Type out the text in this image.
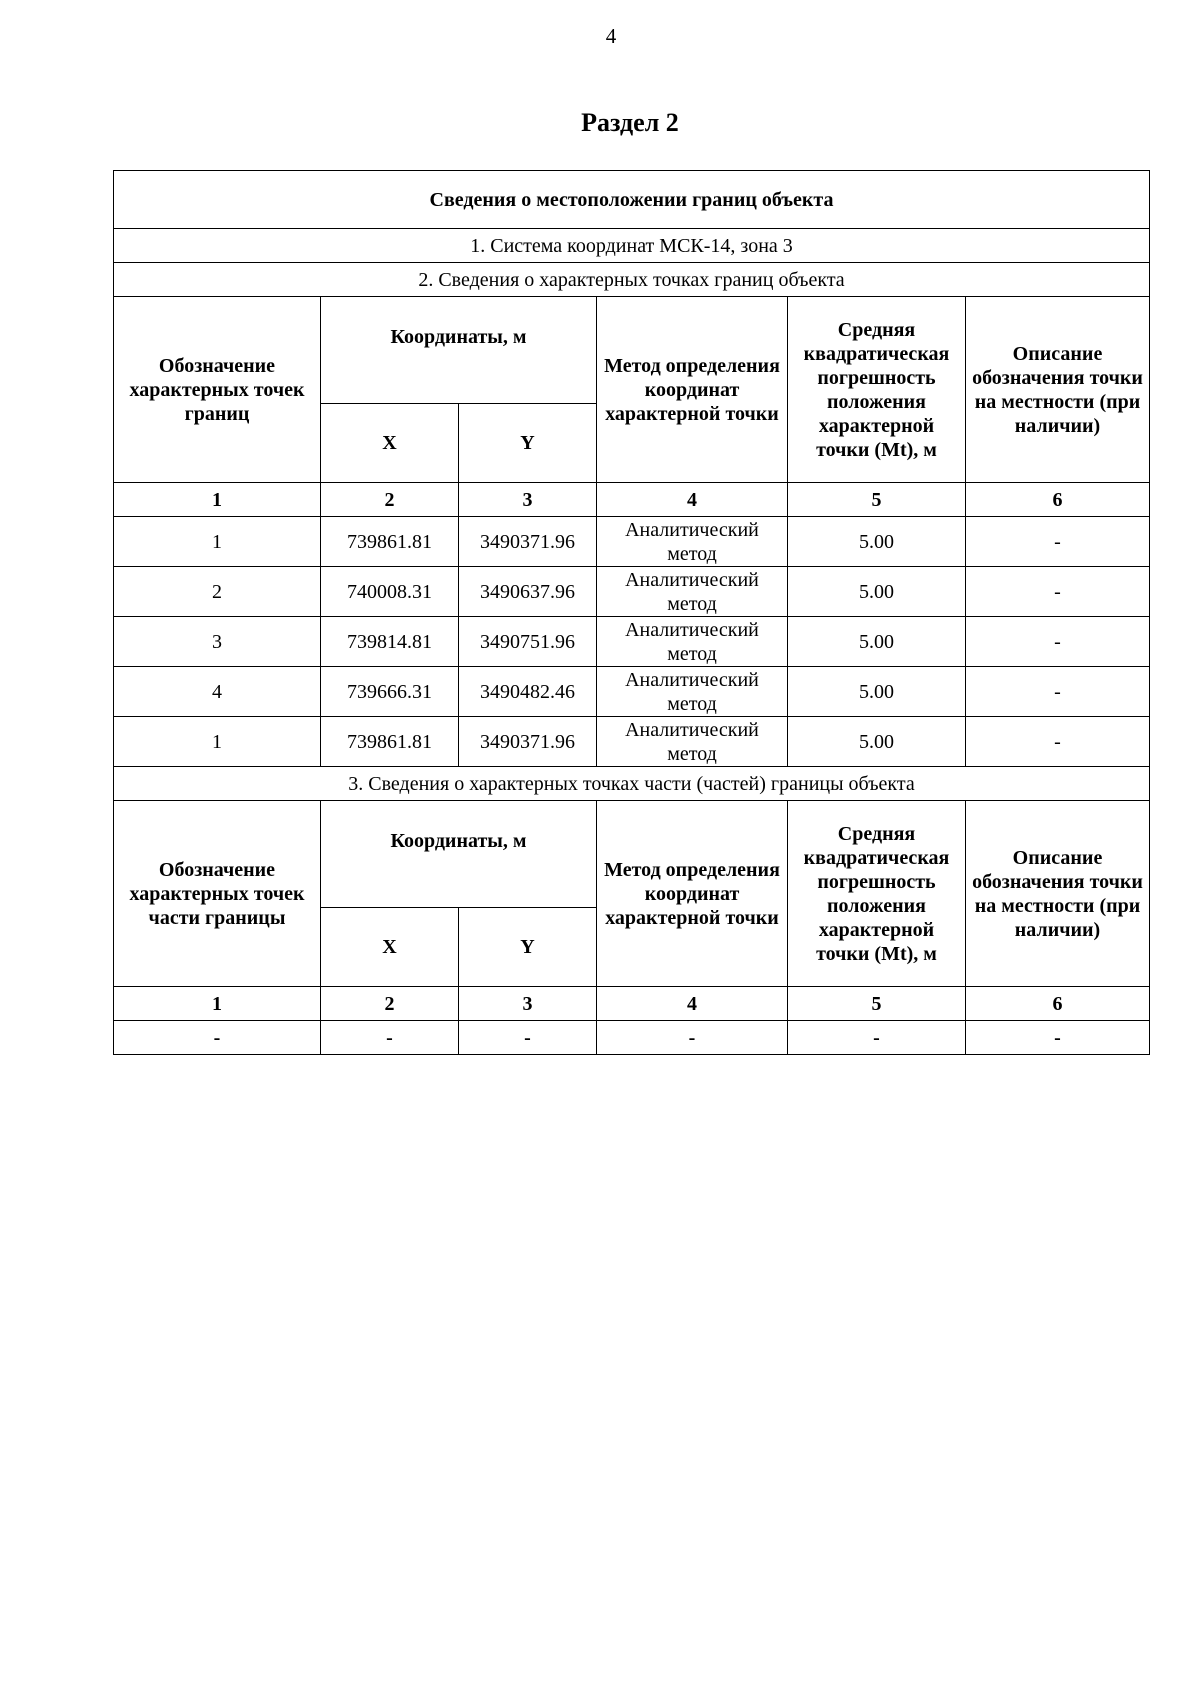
4
Раздел 2
Сведения о местоположении границ объекта					
1. Система координат МСК-14, зона 3					
2. Сведения о характерных точках границ объекта					
Обозначение характерных точек границ	Координаты, м		Метод определения координат характерной точки	Средняя квадратическая погрешность положения характерной точки (Mt), м	Описание обозначения точки на местности (при наличии)
	X	Y			
1	2	3	4	5	6
1	739861.81	3490371.96	Аналитический метод	5.00	-
2	740008.31	3490637.96	Аналитический метод	5.00	-
3	739814.81	3490751.96	Аналитический метод	5.00	-
4	739666.31	3490482.46	Аналитический метод	5.00	-
1	739861.81	3490371.96	Аналитический метод	5.00	-
3. Сведения о характерных точках части (частей) границы объекта					
Обозначение характерных точек части границы	Координаты, м		Метод определения координат характерной точки	Средняя квадратическая погрешность положения характерной точки (Mt), м	Описание обозначения точки на местности (при наличии)
	X	Y			
1	2	3	4	5	6
-	-	-	-	-	-
